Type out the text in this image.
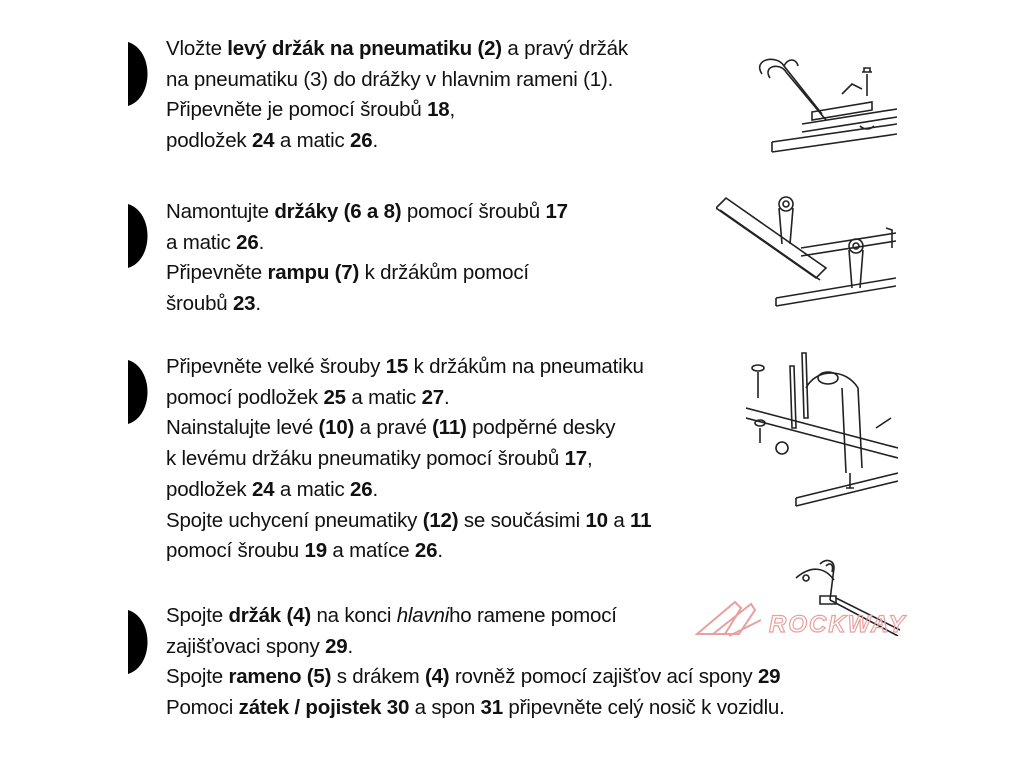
Vložte levý držák na pneumatiku (2) a pravý držák
na pneumatiku (3) do drážky v hlavnim rameni (1).
Připevněte je pomocí šroubů 18,
podložek 24 a matic 26.
Namontujte držáky (6 a 8) pomocí šroubů 17
a matic 26.
Připevněte rampu (7) k držákům pomocí
šroubů 23.
Připevněte velké šrouby 15 k držákům na pneumatiku
pomocí podložek 25 a matic 27.
Nainstalujte levé (10) a pravé (11) podpěrné desky
k levému držáku pneumatiky pomocí šroubů 17,
podložek 24 a matic 26.
Spojte uchycení pneumatiky (12) se součásimi 10 a 11
pomocí šroubu 19 a matíce 26.
Spojte držák (4) na konci hlavniho ramene pomocí
zajišťovaci spony 29.
Spojte rameno (5) s drákem (4) rovněž pomocí zajišťov ací spony 29
Pomoci zátek / pojistek 30 a spon 31 připevněte celý nosič k vozidlu.
ROCKWAY
